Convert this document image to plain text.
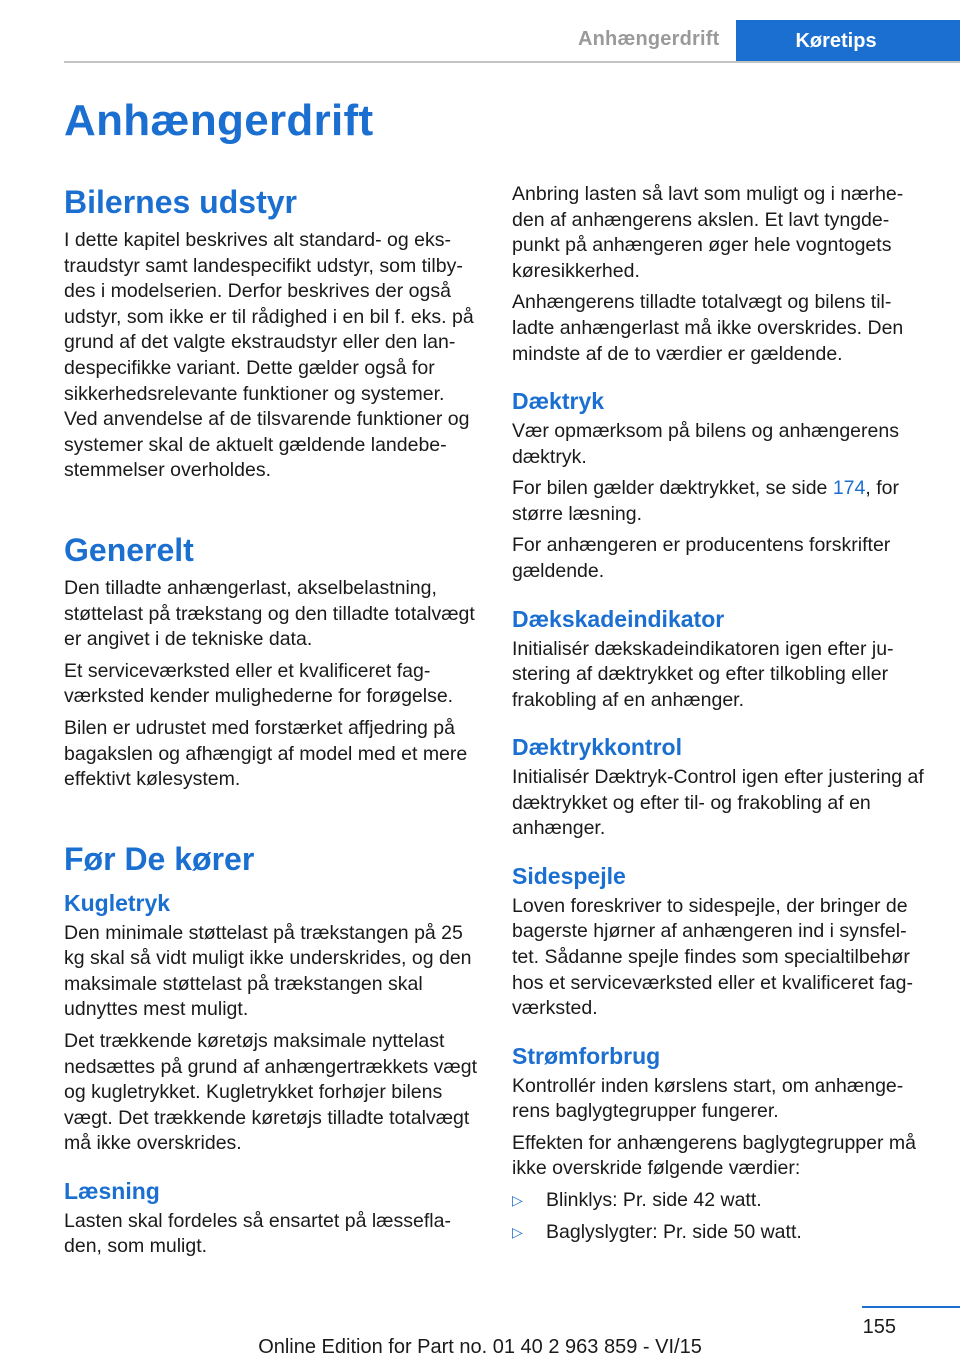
Anhængerdrift	Køretips
Anhængerdrift
Bilernes udstyr

I dette kapitel beskrives alt standard- og ekstraudstyr samt landespecifikt udstyr, som tilbydes i modelserien. Derfor beskrives der også udstyr, som ikke er til rådighed i en bil f. eks. på grund af det valgte ekstraudstyr eller den landespecifikke variant. Dette gælder også for sikkerhedsrelevante funktioner og systemer. Ved anvendelse af de tilsvarende funktioner og systemer skal de aktuelt gældende landebestemmelser overholdes.

Generelt

Den tilladte anhængerlast, akselbelastning, støttelast på trækstang og den tilladte totalvægt er angivet i de tekniske data.

Et serviceværksted eller et kvalificeret fagværksted kender mulighederne for forøgelse.

Bilen er udrustet med forstærket affjedring på bagakslen og afhængigt af model med et mere effektivt kølesystem.

Før De kører
Kugletryk

Den minimale støttelast på trækstangen på 25 kg skal så vidt muligt ikke underskrides, og den maksimale støttelast på trækstangen skal udnyttes mest muligt.

Det trækkende køretøjs maksimale nyttelast nedsættes på grund af anhængertrækkets vægt og kugletrykket. Kugletrykket forhøjer bilens vægt. Det trækkende køretøjs tilladte totalvægt må ikke overskrides.

Læsning

Lasten skal fordeles så ensartet på læssefladen, som muligt.

Anbring lasten så lavt som muligt og i nærheden af anhængerens akslen. Et lavt tyngdepunkt på anhængeren øger hele vogntogets køresikkerhed.

Anhængerens tilladte totalvægt og bilens tilladte anhængerlast må ikke overskrides. Den mindste af de to værdier er gældende.

Dæktryk

Vær opmærksom på bilens og anhængerens dæktryk.

For bilen gælder dæktrykket, se side 174, for større læsning.

For anhængeren er producentens forskrifter gældende.

Dækskadeindikator

Initialisér dækskadeindikatoren igen efter justering af dæktrykket og efter tilkobling eller frakobling af en anhænger.

Dæktrykkontrol

Initialisér Dæktryk-Control igen efter justering af dæktrykket og efter til- og frakobling af en anhænger.

Sidespejle

Loven foreskriver to sidespejle, der bringer de bagerste hjørner af anhængeren ind i synsfeltet. Sådanne spejle findes som specialtilbehør hos et serviceværksted eller et kvalificeret fagværksted.

Strømforbrug

Kontrollér inden kørslens start, om anhængerens baglygtegrupper fungerer.

Effekten for anhængerens baglygtegrupper må ikke overskride følgende værdier:

▷	Blinklys: Pr. side 42 watt.
▷	Baglyslygter: Pr. side 50 watt.
155
Online Edition for Part no. 01 40 2 963 859 - VI/15
